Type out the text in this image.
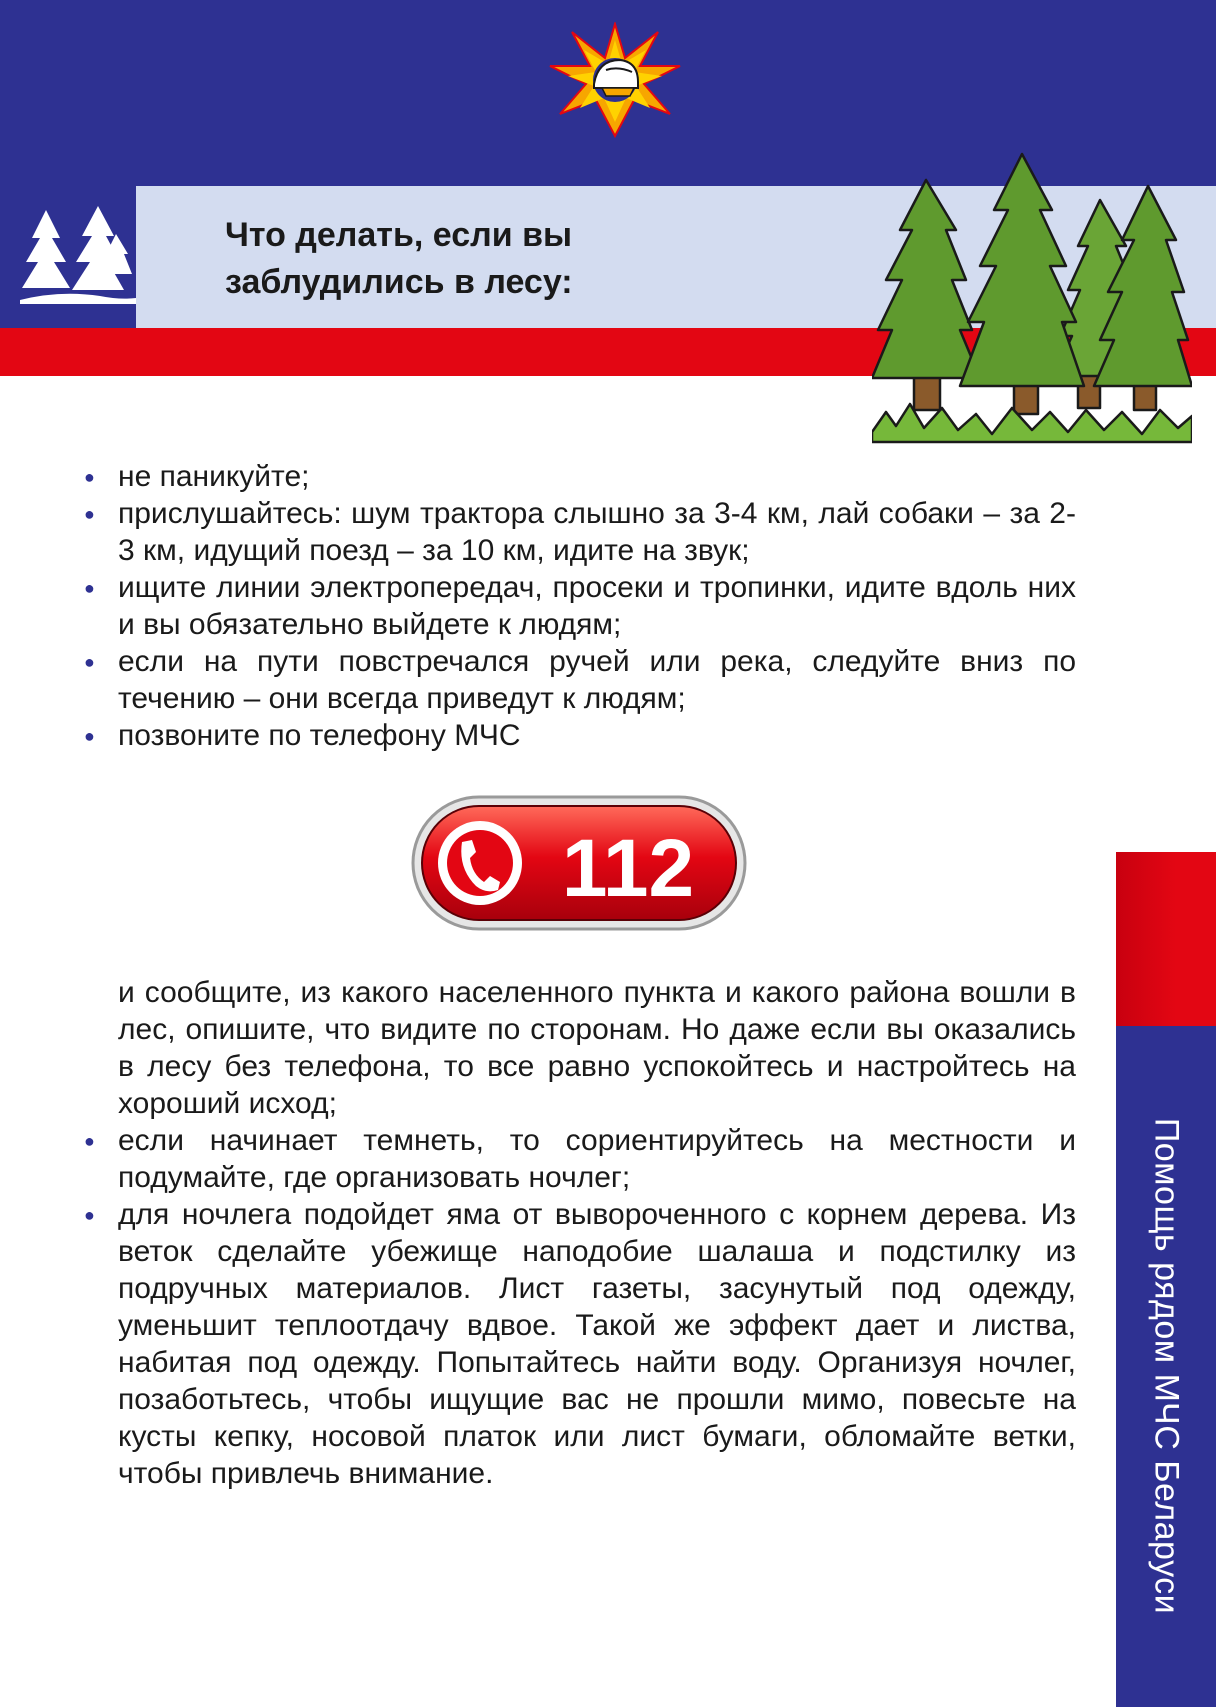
Что делать, если вы
заблудились в лесу:
● не паникуйте;
● прислушайтесь: шум трактора слышно за 3-4 км, лай собаки – за 2-3 км, идущий поезд – за 10 км, идите на звук;
● ищите линии электропередач, просеки и тропинки, идите вдоль них и вы обязательно выйдете к людям;
● если на пути повстречался ручей или река, следуйте вниз по течению – они всегда приведут к людям;
● позвоните по телефону МЧС
112
и сообщите, из какого населенного пункта и какого района вошли в лес, опишите, что видите по сторонам. Но даже если вы оказались в лесу без телефона, то все равно успокойтесь и настройтесь на хороший исход;
● если начинает темнеть, то сориентируйтесь на местности и подумайте, где организовать ночлег;
● для ночлега подойдет яма от вывороченного с корнем дерева. Из веток сделайте убежище наподобие шалаша и подстилку из подручных материалов. Лист газеты, засунутый под одежду, уменьшит теплоотдачу вдвое. Такой же эффект дает и листва, набитая под одежду. Попытайтесь найти воду. Организуя ночлег, позаботьтесь, чтобы ищущие вас не прошли мимо, повесьте на кусты кепку, носовой платок или лист бумаги, обломайте ветки, чтобы привлечь внимание.	Помощь рядом МЧС Беларуси
